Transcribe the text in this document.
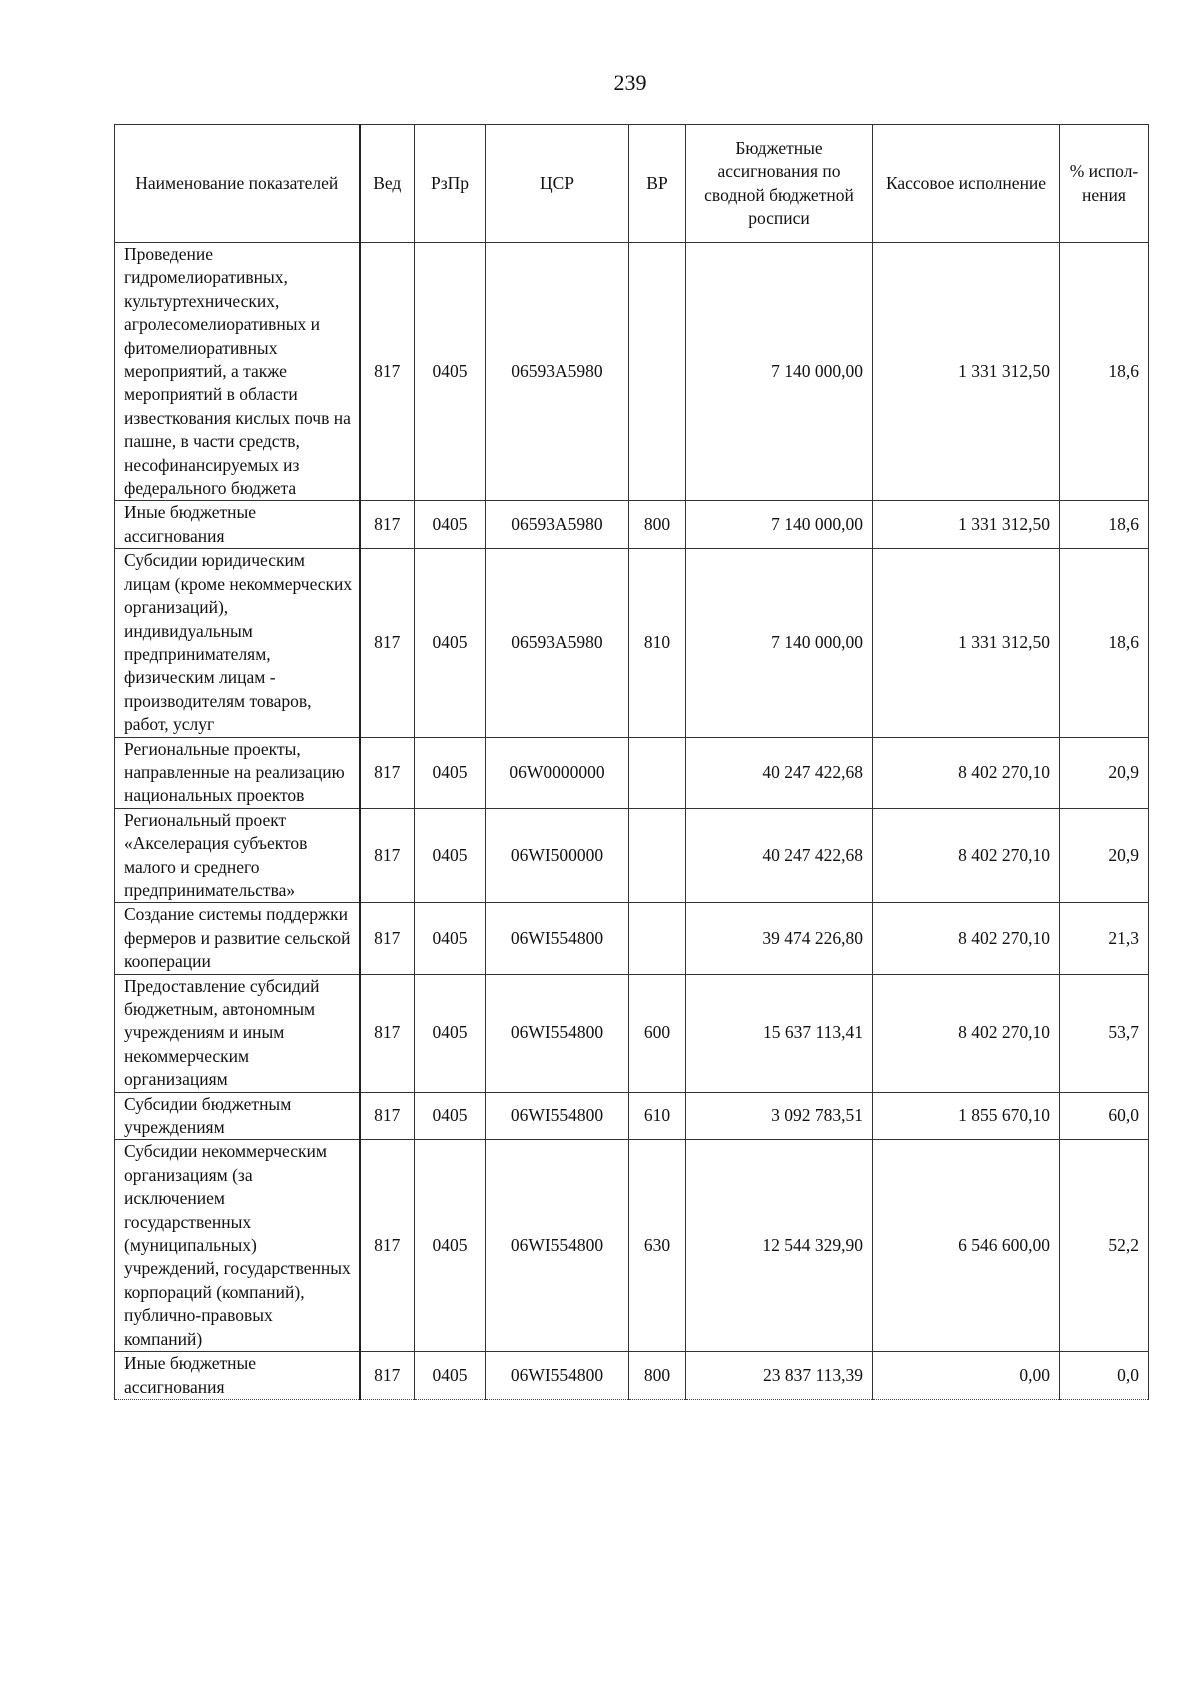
239
Наименование показателей	Вед	РзПр	ЦСР	ВР	Бюджетные ассигнования по сводной бюджетной росписи	Кассовое исполнение	% испол-нения
Проведение гидромелиоративных, культуртехнических, агролесомелиоративных и фитомелиоративных мероприятий, а также мероприятий в области известкования кислых почв на пашне, в части средств, несофинансируемых из федерального бюджета	817	0405	06593A5980		7 140 000,00	1 331 312,50	18,6
Иные бюджетные ассигнования	817	0405	06593A5980	800	7 140 000,00	1 331 312,50	18,6
Субсидии юридическим лицам (кроме некоммерческих организаций), индивидуальным предпринимателям, физическим лицам - производителям товаров, работ, услуг	817	0405	06593A5980	810	7 140 000,00	1 331 312,50	18,6
Региональные проекты, направленные на реализацию национальных проектов	817	0405	06W0000000		40 247 422,68	8 402 270,10	20,9
Региональный проект «Акселерация субъектов малого и среднего предпринимательства»	817	0405	06WI500000		40 247 422,68	8 402 270,10	20,9
Создание системы поддержки фермеров и развитие сельской кооперации	817	0405	06WI554800		39 474 226,80	8 402 270,10	21,3
Предоставление субсидий бюджетным, автономным учреждениям и иным некоммерческим организациям	817	0405	06WI554800	600	15 637 113,41	8 402 270,10	53,7
Субсидии бюджетным учреждениям	817	0405	06WI554800	610	3 092 783,51	1 855 670,10	60,0
Субсидии некоммерческим организациям (за исключением государственных (муниципальных) учреждений, государственных корпораций (компаний), публично-правовых компаний)	817	0405	06WI554800	630	12 544 329,90	6 546 600,00	52,2
Иные бюджетные ассигнования	817	0405	06WI554800	800	23 837 113,39	0,00	0,0
